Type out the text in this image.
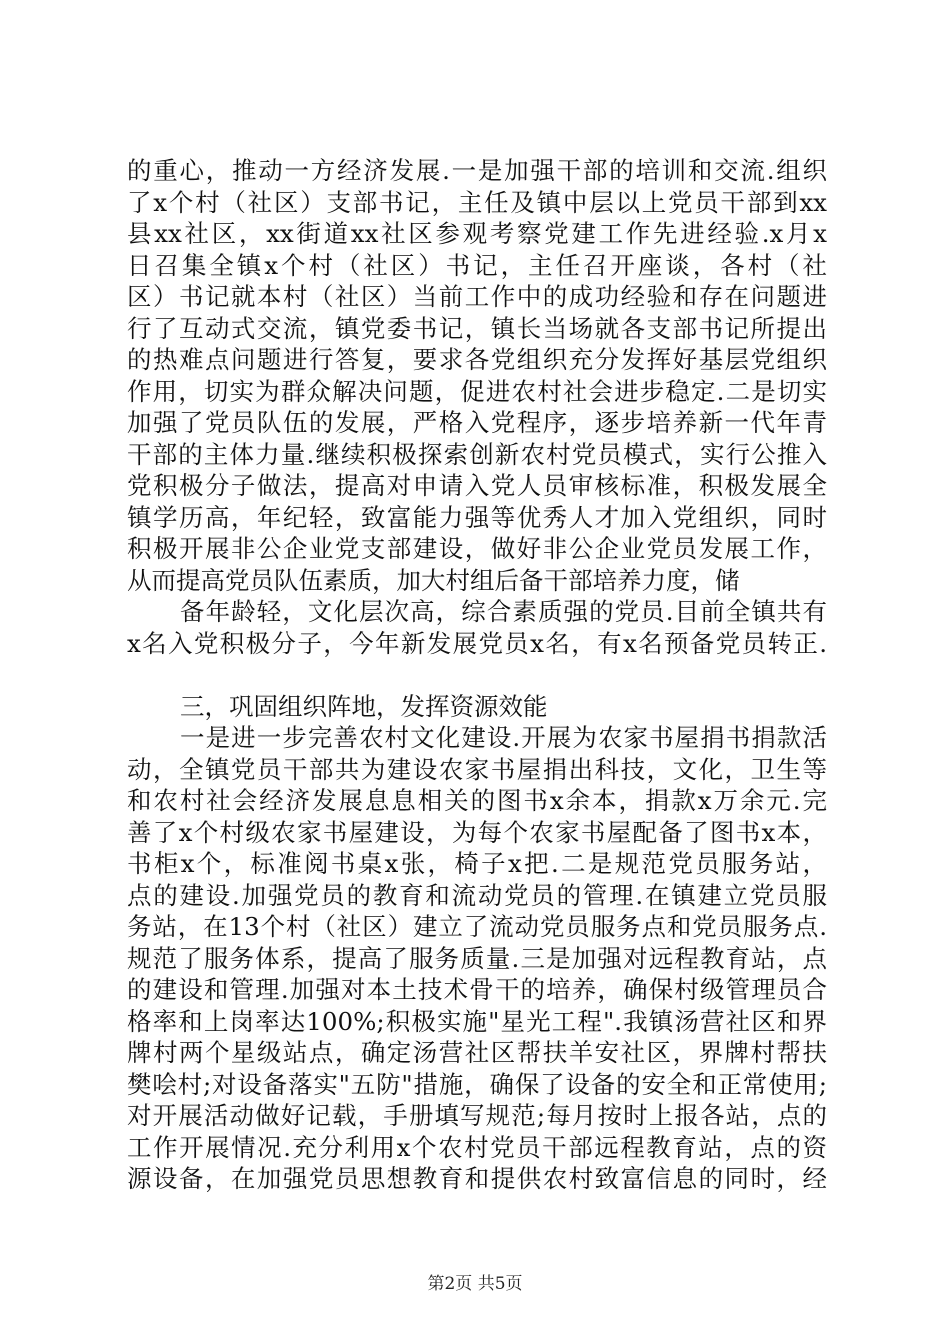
的重心，推动一方经济发展.一是加强干部的培训和交流.组织
了x个村（社区）支部书记，主任及镇中层以上党员干部到xx
县xx社区，xx街道xx社区参观考察党建工作先进经验.x月x
日召集全镇x个村（社区）书记，主任召开座谈，各村（社
区）书记就本村（社区）当前工作中的成功经验和存在问题进
行了互动式交流，镇党委书记，镇长当场就各支部书记所提出
的热难点问题进行答复，要求各党组织充分发挥好基层党组织
作用，切实为群众解决问题，促进农村社会进步稳定.二是切实
加强了党员队伍的发展，严格入党程序，逐步培养新一代年青
干部的主体力量.继续积极探索创新农村党员模式，实行公推入
党积极分子做法，提高对申请入党人员审核标准，积极发展全
镇学历高，年纪轻，致富能力强等优秀人才加入党组织，同时
积极开展非公企业党支部建设，做好非公企业党员发展工作，
从而提高党员队伍素质，加大村组后备干部培养力度，储
备年龄轻，文化层次高，综合素质强的党员.目前全镇共有
x名入党积极分子，今年新发展党员x名，有x名预备党员转正.
三，巩固组织阵地，发挥资源效能
一是进一步完善农村文化建设.开展为农家书屋捐书捐款活
动，全镇党员干部共为建设农家书屋捐出科技，文化，卫生等
和农村社会经济发展息息相关的图书x余本，捐款x万余元.完
善了x个村级农家书屋建设，为每个农家书屋配备了图书x本，
书柜x个，标准阅书桌x张，椅子x把.二是规范党员服务站，
点的建设.加强党员的教育和流动党员的管理.在镇建立党员服
务站，在13个村（社区）建立了流动党员服务点和党员服务点.
规范了服务体系，提高了服务质量.三是加强对远程教育站，点
的建设和管理.加强对本土技术骨干的培养，确保村级管理员合
格率和上岗率达100%;积极实施"星光工程".我镇汤营社区和界
牌村两个星级站点，确定汤营社区帮扶羊安社区，界牌村帮扶
樊哙村;对设备落实"五防"措施，确保了设备的安全和正常使用;
对开展活动做好记载，手册填写规范;每月按时上报各站，点的
工作开展情况.充分利用x个农村党员干部远程教育站，点的资
源设备，在加强党员思想教育和提供农村致富信息的同时，经
第2页 共5页
